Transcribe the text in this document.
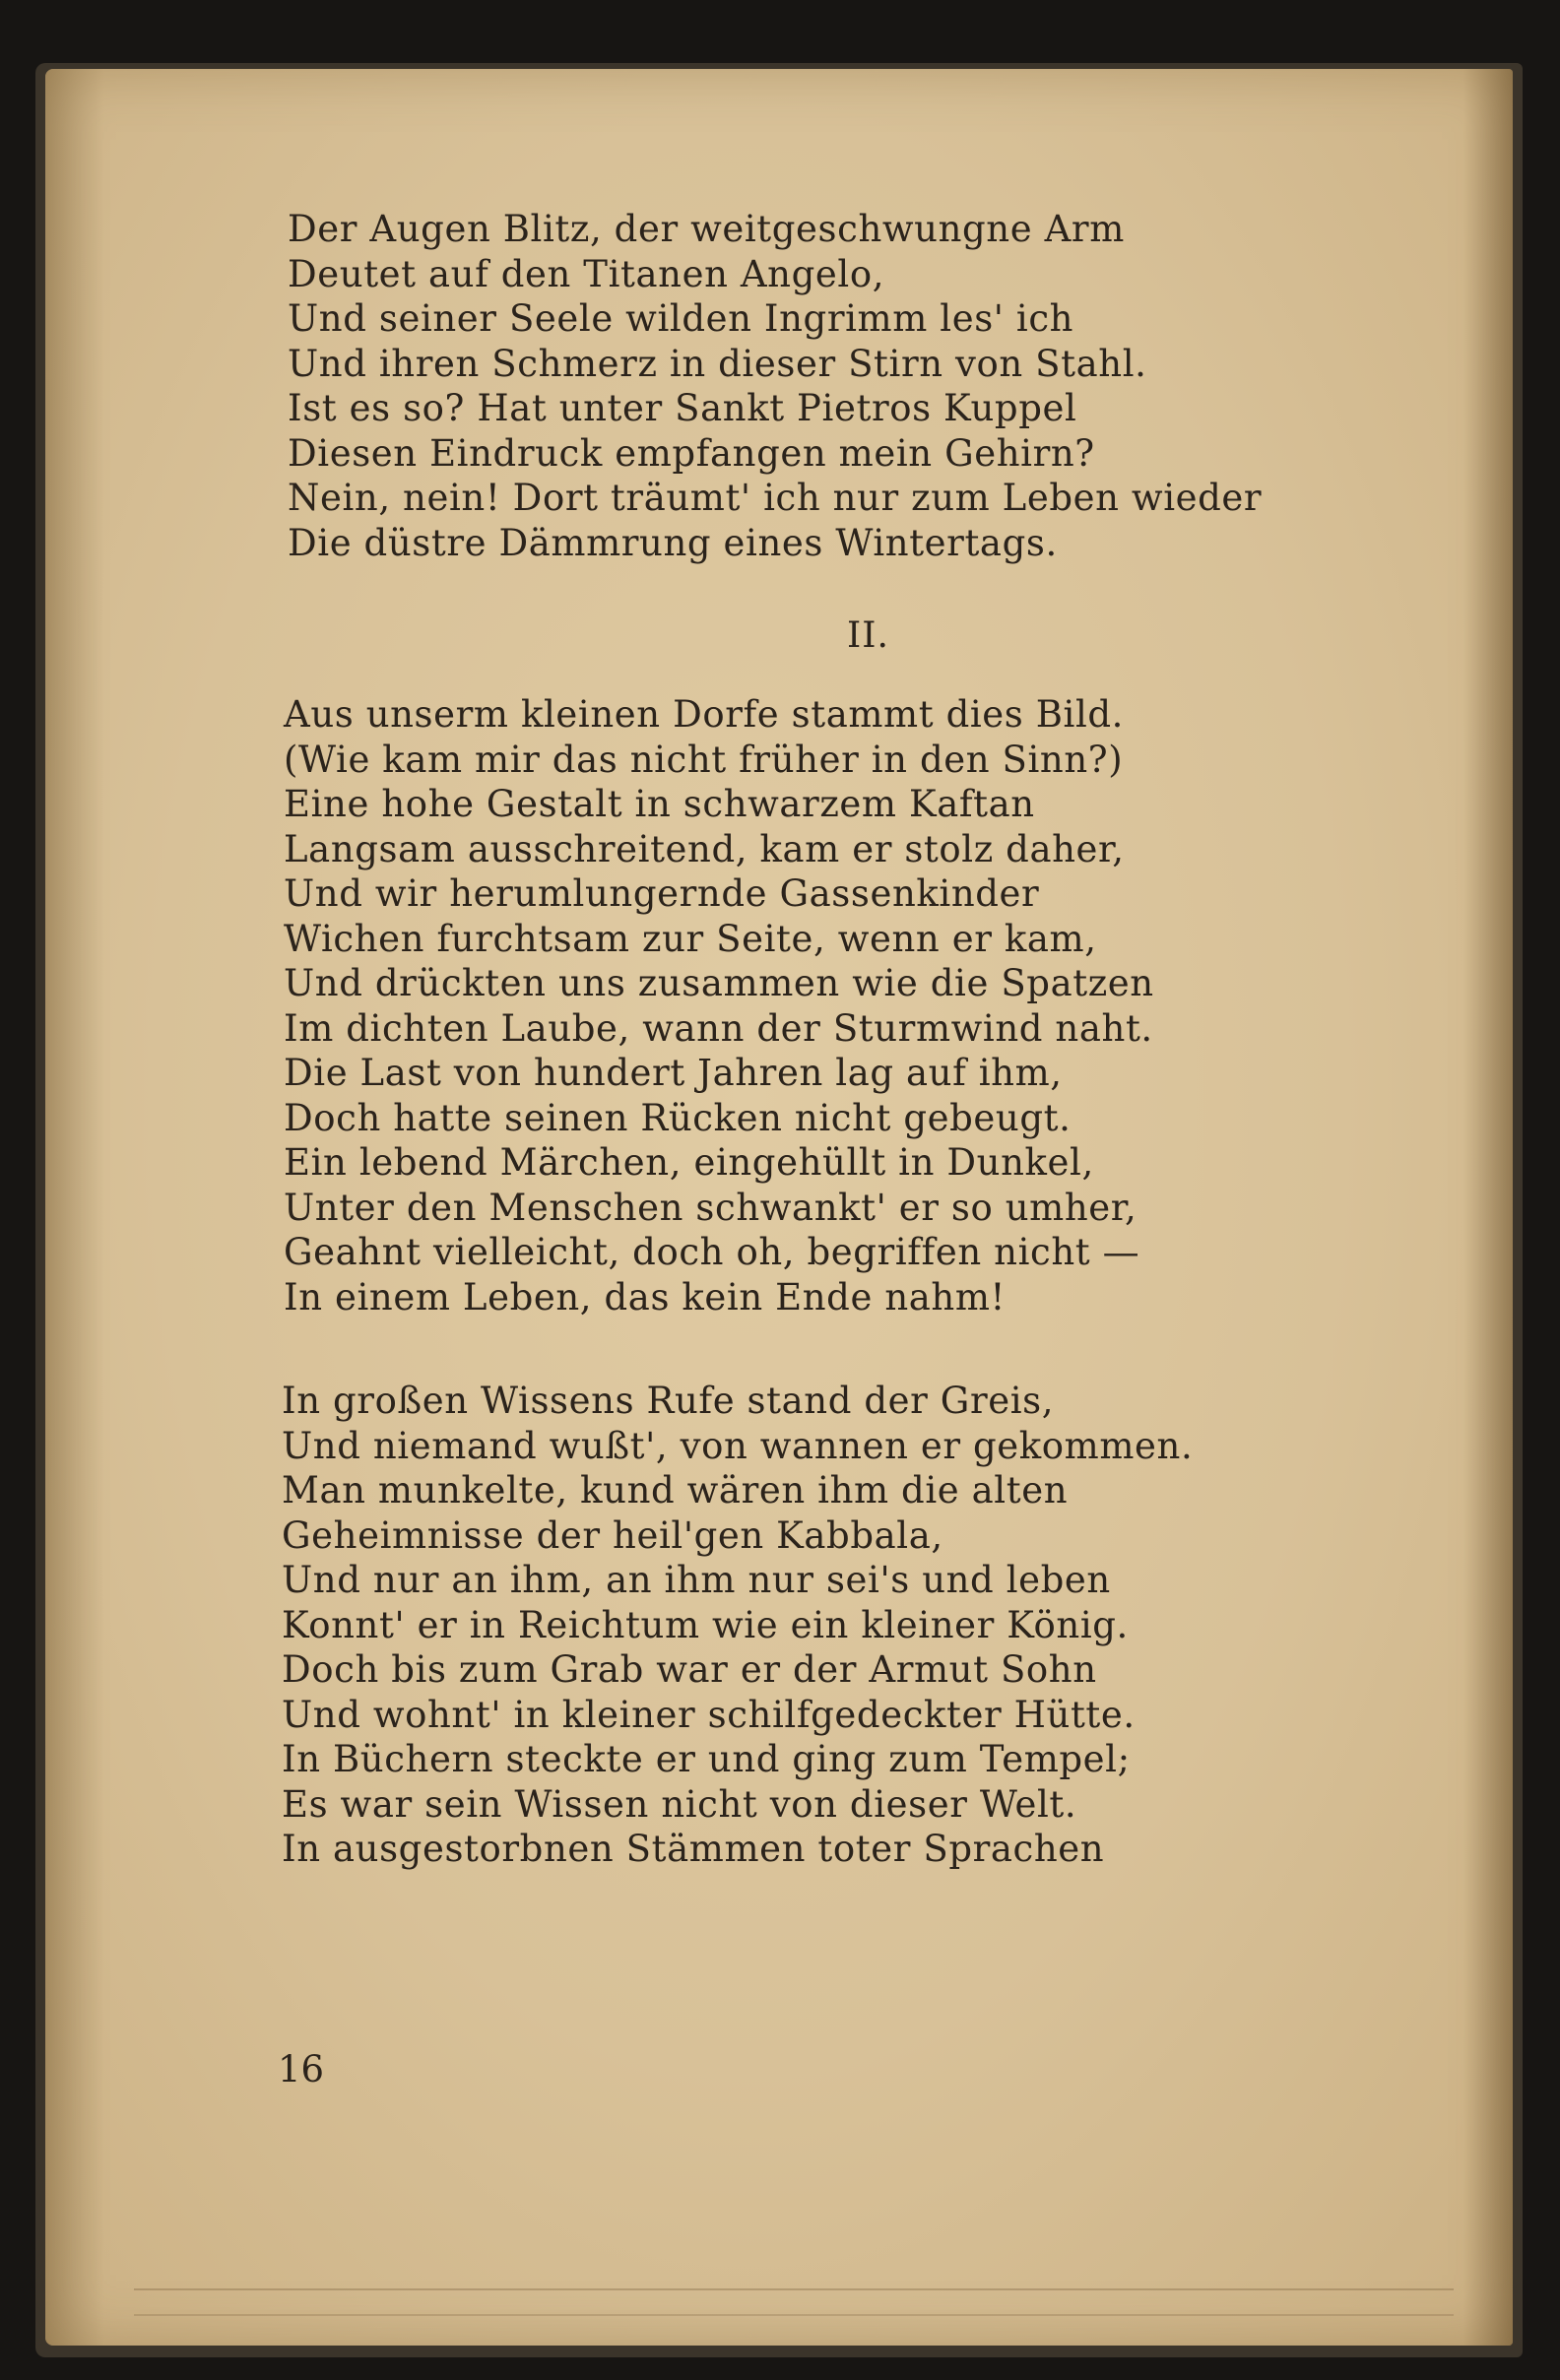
Der Augen Blitz, der weitgeschwungne Arm
Deutet auf den Titanen Angelo,
Und seiner Seele wilden Ingrimm les' ich
Und ihren Schmerz in dieser Stirn von Stahl.
Ist es so? Hat unter Sankt Pietros Kuppel
Diesen Eindruck empfangen mein Gehirn?
Nein, nein! Dort träumt' ich nur zum Leben wieder
Die düstre Dämmrung eines Wintertags.
II.
Aus unserm kleinen Dorfe stammt dies Bild.
(Wie kam mir das nicht früher in den Sinn?)
Eine hohe Gestalt in schwarzem Kaftan
Langsam ausschreitend, kam er stolz daher,
Und wir herumlungernde Gassenkinder
Wichen furchtsam zur Seite, wenn er kam,
Und drückten uns zusammen wie die Spatzen
Im dichten Laube, wann der Sturmwind naht.
Die Last von hundert Jahren lag auf ihm,
Doch hatte seinen Rücken nicht gebeugt.
Ein lebend Märchen, eingehüllt in Dunkel,
Unter den Menschen schwankt' er so umher,
Geahnt vielleicht, doch oh, begriffen nicht —
In einem Leben, das kein Ende nahm!
In großen Wissens Rufe stand der Greis,
Und niemand wußt', von wannen er gekommen.
Man munkelte, kund wären ihm die alten
Geheimnisse der heil'gen Kabbala,
Und nur an ihm, an ihm nur sei's und leben
Konnt' er in Reichtum wie ein kleiner König.
Doch bis zum Grab war er der Armut Sohn
Und wohnt' in kleiner schilfgedeckter Hütte.
In Büchern steckte er und ging zum Tempel;
Es war sein Wissen nicht von dieser Welt.
In ausgestorbnen Stämmen toter Sprachen
16
